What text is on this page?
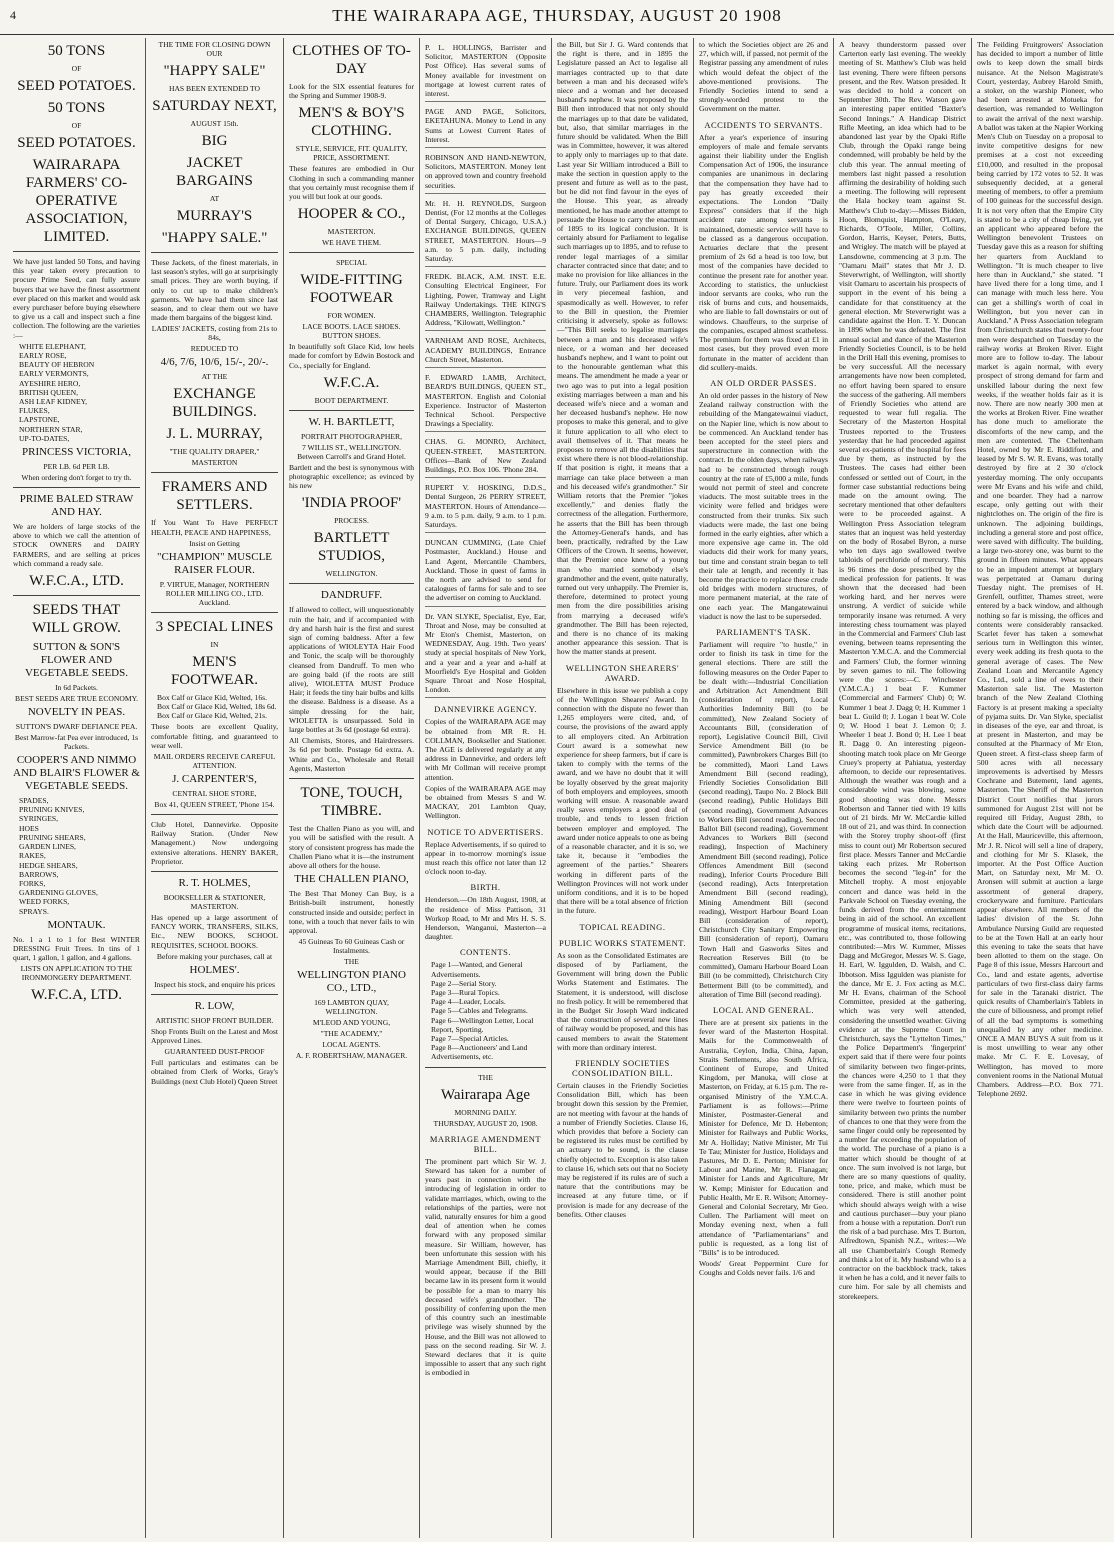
4	THE WAIRARAPA AGE, THURSDAY, AUGUST 20 1908
50 TONS
OF
SEED POTATOES.
50 TONS
OF
SEED POTATOES.
WAIRARAPA FARMERS' CO-OPERATIVE ASSOCIATION, LIMITED.
We have just landed 50 Tons, and having this year taken every precaution to procure Prime Seed, can fully assure buyers that we have the finest assortment ever placed on this market and would ask every purchaser before buying elsewhere to give us a call and inspect such a fine collection. The following are the varieties :—
WHITE ELEPHANT,
EARLY ROSE,
BEAUTY OF HEBRON
EARLY VERMONTS,
AYESHIRE HERO,
BRITISH QUEEN,
ASH LEAF KIDNEY,
FLUKES,
LAPSTONE,
NORTHERN STAR,
UP-TO-DATES,
PRINCESS VICTORIA,
PER LB. 6d PER LB.
When ordering don't forget to try th.
PRIME BALED STRAW AND HAY.
We are holders of large stocks of the above to which we call the attention of STOCK OWNERS and DAIRY FARMERS, and are selling at prices which command a ready sale.
W.F.C.A., LTD.
SEEDS THAT WILL GROW.
SUTTON & SON'S FLOWER AND VEGETABLE SEEDS.
In 6d Packets.
BEST SEEDS ARE TRUE ECONOMY.
NOVELTY IN PEAS.
SUTTON'S DWARF DEFIANCE PEA.
Best Marrow-fat Pea ever introduced, 1s Packets.
COOPER'S AND NIMMO AND BLAIR'S FLOWER & VEGETABLE SEEDS.
SPADES,
PRUNING KNIVES,
SYRINGES,
HOES
PRUNING SHEARS,
GARDEN LINES,
RAKES,
HEDGE SHEARS,
BARROWS,
FORKS,
GARDENING GLOVES,
WEED FORKS,
SPRAYS.
MONTAUK.
No. 1 a 1 to 1 for Best WINTER DRESSING Fruit Trees. In tins of 1 quart, 1 gallon, 1 gallon, and 4 gallons.
LISTS ON APPLICATION TO THE IRONMONGERY DEPARTMENT.
W.F.C.A, LTD.
THE TIME FOR CLOSING DOWN OUR
"HAPPY SALE"
HAS BEEN EXTENDED TO
SATURDAY NEXT,
AUGUST 15th.
BIG
JACKET BARGAINS
AT
MURRAY'S
"HAPPY SALE."
These Jackets, of the finest materials, in last season's styles, will go at surprisingly small prices. They are worth buying, if only to cut up to make children's garments. We have had them since last season, and to clear them out we have made them bargains of the biggest kind.
LADIES' JACKETS, costing from 21s to 84s,
REDUCED TO
4/6, 7/6, 10/6, 15/-, 20/-.
AT THE
EXCHANGE BUILDINGS.
J. L. MURRAY,
"THE QUALITY DRAPER,"
MASTERTON
FRAMERS AND SETTLERS.
If You Want To Have PERFECT HEALTH, PEACE AND HAPPINESS,
Insist on Getting
"CHAMPION" MUSCLE RAISER FLOUR.
P. VIRTUE, Manager, NORTHERN ROLLER MILLING CO., LTD. Auckland.
3 SPECIAL LINES
IN
MEN'S FOOTWEAR.
Box Calf or Glace Kid, Welted, 16s.
Box Calf or Glace Kid, Welted, 18s 6d.
Box Calf or Glace Kid, Welted, 21s.
These boots are excellent Quality, comfortable fitting, and guaranteed to wear well.
MAIL ORDERS RECEIVE CAREFUL ATTENTION.
J. CARPENTER'S,
CENTRAL SHOE STORE,
Box 41, QUEEN STREET, 'Phone 154.
Club Hotel, Dannevirke. Opposite Railway Station. (Under New Management.) Now undergoing extensive alterations. HENRY BAKER, Proprietor.
R. T. HOLMES,
BOOKSELLER & STATIONER, MASTERTON.
Has opened up a large assortment of FANCY WORK, TRANSFERS, SILKS, Etc., NEW BOOKS, SCHOOL REQUISITES, SCHOOL BOOKS.
Before making your purchases, call at
HOLMES'.
Inspect his stock, and enquire his prices
R. LOW,
ARTISTIC SHOP FRONT BUILDER.
Shop Fronts Built on the Latest and Most Approved Lines.
GUARANTEED DUST-PROOF
Full particulars and estimates can be obtained from Clerk of Works, Gray's Buildings (next Club Hotel) Queen Street
CLOTHES OF TO-DAY
Look for the SIX essential features for the Spring and Summer 1908-9.
MEN'S & BOY'S CLOTHING.
STYLE, SERVICE, FIT. QUALITY, PRICE, ASSORTMENT.
These features are embodied in Our Clothing in such a commanding manner that you certainly must recognise them if you will but look at our goods.
HOOPER & CO.,
MASTERTON.
WE HAVE THEM.
SPECIAL
WIDE-FITTING FOOTWEAR
FOR WOMEN.
LACE BOOTS. LACE SHOES. BUTTON SHOES.
In beautifully soft Glace Kid, low heels made for comfort by Edwin Bostock and Co., specially for England.
W.F.C.A.
BOOT DEPARTMENT.
W. H. BARTLETT,
PORTRAIT PHOTOGRAPHER,
7 WILLIS ST., WELLINGTON. Between Carroll's and Grand Hotel.
Bartlett and the best is synonymous with photographic excellence; as evinced by his new
'INDIA PROOF'
PROCESS.
BARTLETT STUDIOS,
WELLINGTON.
DANDRUFF.
If allowed to collect, will unquestionably ruin the hair, and if accompanied with dry and harsh hair is the first and surest sign of coming baldness. After a few applications of WIOLEYTA Hair Food and Tonic, the scalp will be thoroughly cleansed from Dandruff. To men who are going bald (if the roots are still alive), WIOLETTA MUST Produce Hair; it feeds the tiny hair bulbs and kills the disease. Baldness is a disease. As a simple dressing for the hair, WIOLETTA is unsurpassed. Sold in large bottles at 3s 6d (postage 6d extra).
All Chemists, Stores, and Hairdressers. 3s 6d per bottle. Postage 6d extra. A. White and Co., Wholesale and Retail Agents, Masterton
TONE, TOUCH, TIMBRE.
Test the Challen Piano as you will, and you will be satisfied with the result. A story of consistent progress has made the Challen Piano what it is—the instrument above all others for the house.
THE CHALLEN PIANO,
The Best That Money Can Buy, is a British-built instrument, honestly constructed inside and outside; perfect in tone, with a touch that never fails to win approval.
45 Guineas To 60 Guineas Cash or Instalments.
THE
WELLINGTON PIANO CO., LTD.,
169 LAMBTON QUAY, WELLINGTON.
M'LEOD AND YOUNG,
"THE ACADEMY,"
LOCAL AGENTS.
A. F. ROBERTSHAW, MANAGER.
P. L. HOLLINGS, Barrister and Solicitor, MASTERTON (Opposite Post Office). Has several sums of Money available for investment on mortgage at lowest current rates of interest.
PAGE AND PAGE, Solicitors, EKETAHUNA. Money to Lend in any Sums at Lowest Current Rates of Interest.
ROBINSON AND HAND-NEWTON, Solicitors, MASTERTON. Money lent on approved town and country freehold securities.
Mr. H. H. REYNOLDS, Surgeon Dentist, (For 12 months at the Colleges of Dental Surgery, Chicago, U.S.A.) EXCHANGE BUILDINGS, QUEEN STREET, MASTERTON. Hours—9 a.m. to 5 p.m. daily, including Saturday.
FREDK. BLACK, A.M. INST. E.E. Consulting Electrical Engineer, For Lighting, Power, Tramway and Light Railway Undertakings. THE KING'S CHAMBERS, Wellington. Telegraphic Address, "Kilowatt, Wellington."
VARNHAM AND ROSE, Architects, ACADEMY BUILDINGS, Entrance Church Street, Masterton.
F. EDWARD LAMB, Architect, BEARD'S BUILDINGS, QUEEN ST., MASTERTON. English and Colonial Experience. Instructor of Masterton Technical School. Perspective Drawings a Speciality.
CHAS. G. MONRO, Architect, QUEEN-STREET, MASTERTON. Offices—Bank of New Zealand Buildings, P.O. Box 106. 'Phone 284.
RUPERT V. HOSKING, D.D.S., Dental Surgeon, 26 PERRY STREET, MASTERTON. Hours of Attendance—9 a.m. to 5 p.m. daily, 9 a.m. to 1 p.m. Saturdays.
DUNCAN CUMMING, (Late Chief Postmaster, Auckland.) House and Land Agent, Mercantile Chambers, Auckland. Those in quest of farms in the north are advised to send for catalogues of farms for sale and to see the advertiser on coming to Auckland.
Dr. VAN SLYKE, Specialist, Eye, Ear, Throat and Nose, may be consulted at Mr Eton's Chemist, Masterton, on WEDNESDAY, Aug. 19th. Two years' study at special hospitals of New York, and a year and a year and a-half at Moorfield's Eye Hospital and Golden Square Throat and Nose Hospital, London.
DANNEVIRKE AGENCY.
Copies of the WAIRARAPA AGE may be obtained from MR R. H. COLLMAN, Bookseller and Stationer. The AGE is delivered regularly at any address in Dannevirke, and orders left with Mr Collman will receive prompt attention.
Copies of the WAIRARAPA AGE may be obtained from Messrs S and W. MACKAY, 201 Lambton Quay, Wellington.
NOTICE TO ADVERTISERS.
Replace Advertisements, if so quired to appear in to-morrow morning's issue must reach this office not later than 12 o'clock noon to-day.
BIRTH.
Henderson.—On 18th August, 1908, at the residence of Miss Pattison, 31 Workop Road, to Mr and Mrs H. S. S. Henderson, Wanganui, Masterton—a daughter.
CONTENTS.
Page 1—Wanted, and General Advertisements.
Page 2—Serial Story.
Page 3—Rural Topics.
Page 4—Leader, Locals.
Page 5—Cables and Telegrams.
Page 6—Wellington Letter, Local Report, Sporting.
Page 7—Special Articles.
Page 8—Auctioneers' and Land Advertisements, etc.
THE
Wairarapa Age
MORNING DAILY.
THURSDAY, AUGUST 20, 1908.
MARRIAGE AMENDMENT BILL.
The prominent part which Sir W. J. Steward has taken for a number of years past in connection with the introducing of legislation in order to validate marriages, which, owing to the relationships of the parties, were not valid, naturally ensures for him a good deal of attention when he comes forward with any proposed similar measure. Sir William, however, has been unfortunate this session with his Marriage Amendment Bill, chiefly, it would appear, because if the Bill became law in its present form it would be possible for a man to marry his deceased wife's grandmother. The possibility of conferring upon the men of this country such an inestimable privilege was wisely shunned by the House, and the Bill was not allowed to pass on the second reading. Sir W. J. Steward declares that it is quite impossible to assert that any such right is embodied in
the Bill, but Sir J. G. Ward contends that the right is there, and in 1895 the Legislature passed an Act to legalise all marriages contracted up to that date between a man and his deceased wife's niece and a woman and her deceased husband's nephew. It was proposed by the Bill then introduced that not only should the marriages up to that date be validated, but, also, that similar marriages in the future should be validated. When the Bill was in Committee, however, it was altered to apply only to marriages up to that date. Last year Sir William introduced a Bill to make the section in question apply to the present and future as well as to the past, but he did not find favour in the eyes of the House. This year, as already mentioned, he has made another attempt to persuade the House to carry the enactment of 1895 to its logical conclusion. It is certainly absurd for Parliament to legalise such marriages up to 1895, and to refuse to render legal marriages of a similar character contracted since that date; and to make no provision for like alliances in the future. Truly, our Parliament does its work in very piecemeal fashion, and spasmodically as well. However, to refer to the Bill in question, the Premier criticising it adversely, spoke as follows:—"This Bill seeks to legalise marriages between a man and his deceased wife's niece, or a woman and her deceased husband's nephew, and I want to point out to the honourable gentleman what this means. The amendment he made a year or two ago was to put into a legal position existing marriages between a man and his deceased wife's niece and a woman and her deceased husband's nephew. He now proposes to make this general, and to give it future application to all who elect to avail themselves of it. That means he proposes to remove all the disabilities that exist where there is not blood-relationship. If that position is right, it means that a marriage can take place between a man and his deceased wife's grandmother." Sir William retorts that the Premier "jokes excellently," and denies flatly the correctness of the allegation. Furthermore, he asserts that the Bill has been through the Attorney-General's hands, and has been, practically, redrafted by the Law Officers of the Crown. It seems, however, that the Premier once knew of a young man who married somebody else's grandmother and the event, quite naturally, turned out very unhappily. The Premier is, therefore, determined to protect young men from the dire possibilities arising from marrying a deceased wife's grandmother. The Bill has been rejected, and there is no chance of its making another appearance this session. That is how the matter stands at present.
WELLINGTON SHEARERS' AWARD.
Elsewhere in this issue we publish a copy of the Wellington Shearers' Award. In connection with the dispute no fewer than 1,265 employers were cited, and, of course, the provisions of the award apply to all employers cited. An Arbitration Court award is a somewhat new experience for sheep farmers, but if care is taken to comply with the terms of the award, and we have no doubt that it will be loyally observed by the great majority of both employers and employees, smooth working will ensue. A reasonable award really saves employers a good deal of trouble, and tends to lessen friction between employer and employed. The award under notice appeals to one as being of a reasonable character, and it is so, we take it, because it "embodies the agreement of the parties." Shearers working in different parts of the Wellington Provinces will not work under uniform conditions, and it is to be hoped that there will be a total absence of friction in the future.
TOPICAL READING.
PUBLIC WORKS STATEMENT.
As soon as the Consolidated Estimates are disposed of by Parliament, the Government will bring down the Public Works Statement and Estimates. The Statement, it is understood, will disclose no fresh policy. It will be remembered that in the Budget Sir Joseph Ward indicated that the construction of several new lines of railway would be proposed, and this has caused members to await the Statement with more than ordinary interest.
FRIENDLY SOCIETIES CONSOLIDATION BILL.
Certain clauses in the Friendly Societies Consolidation Bill, which has been brought down this session by the Premier, are not meeting with favour at the hands of a number of Friendly Societies. Clause 16, which provides that before a Society can be registered its rules must be certified by an actuary to be sound, is the clause chiefly objected to. Exception is also taken to clause 16, which sets out that no Society may be registered if its rules are of such a nature that the contributions may be increased at any future time, or if provision is made for any decrease of the benefits. Other clauses
to which the Societies object are 26 and 27, which will, if passed, not permit of the Registrar passing any amendment of rules which would defeat the object of the above-mentioned provisions. The Friendly Societies intend to send a strongly-worded protest to the Government on the matter.
ACCIDENTS TO SERVANTS.
After a year's experience of insuring employers of male and female servants against their liability under the English Compensation Act of 1906, the insurance companies are unanimous in declaring that the compensation they have had to pay has greatly exceeded their expectations. The London "Daily Express" considers that if the high accident rate among servants is maintained, domestic service will have to be classed as a dangerous occupation. Actuaries declare that the present premium of 2s 6d a head is too low, but most of the companies have decided to continue the present rate for another year. According to statistics, the unluckiest indoor servants are cooks, who run the risk of burns and cuts, and housemaids, who are liable to fall downstairs or out of windows. Chauffeurs, to the surprise of the companies, escaped almost scatheless. The premium for them was fixed at £1 in most cases, but they proved even more fortunate in the matter of accident than did scullery-maids.
AN OLD ORDER PASSES.
An old order passes in the history of New Zealand railway construction with the rebuilding of the Mangatewainui viaduct, on the Napier line, which is now about to be commenced. An Auckland tender has been accepted for the steel piers and superstructure in connection with the contract. In the olden days, when railways had to be constructed through rough country at the rate of £5,000 a mile, funds would not permit of steel and concrete viaducts. The most suitable trees in the vicinity were felled and bridges were constructed from their trunks. Six such viaducts were made, the last one being formed in the early eighties, after which a more expensive age came in. The old viaducts did their work for many years, but time and constant strain began to tell their tale at length, and recently it has become the practice to replace these crude old bridges with modern structures, of more permanent material, at the rate of one each year. The Mangatewainui viaduct is now the last to be superseded.
PARLIAMENT'S TASK.
Parliament will require "to hustle," in order to finish its task in time for the general elections. There are still the following measures on the Order Paper to be dealt with:—Industrial Conciliation and Arbitration Act Amendment Bill (consideration of report), Local Authorities Indemnity Bill (to be committed), New Zealand Society of Accountants Bill, (consideration of report), Legislative Council Bill, Civil Service Amendment Bill (to be committed), Pawnbrokers Charges Bill (to be committed), Maori Land Laws Amendment Bill (second reading), Friendly Societies Consolidation Bill (second reading), Taupo No. 2 Block Bill (second reading), Public Holidays Bill (second reading), Government Advances to Workers Bill (second reading), Second Ballot Bill (second reading), Government Advances to Workers Bill (second reading), Inspection of Machinery Amendment Bill (second reading), Police Offences Amendment Bill (second reading), Inferior Courts Procedure Bill (second reading), Acts Interpretation Amendment Bill (second reading), Mining Amendment Bill (second reading), Westport Harbour Board Loan Bill (consideration of report), Christchurch City Sanitary Empowering Bill (consideration of report), Oamaru Town Hall and Gasworks Sites and Recreation Reserves Bill (to be committed), Oamaru Harbour Board Loan Bill (to be committed), Christchurch City Betterment Bill (to be committed), and alteration of Time Bill (second reading).
LOCAL AND GENERAL.
There are at present six patients in the fever ward of the Masterton Hospital. Mails for the Commonwealth of Australia, Ceylon, India, China, Japan, Straits Settlements, also South Africa, Continent of Europe, and United Kingdom, per Manuka, will close at Masterton, on Friday, at 6.15 p.m. The re-organised Ministry of the Y.M.C.A. Parliament is as follows:—Prime Minister, Postmaster-General and Minister for Defence, Mr D. Hebenton; Minister for Railways and Public Works, Mr A. Holliday; Native Minister, Mr Tui Te Tau; Minister for Justice, Holidays and Pastures, Mr D. E. Perton; Minister for Labour and Marine, Mr R. Flanagan; Minister for Lands and Agriculture, Mr W. Kemp; Minister for Education and Public Health, Mr E. R. Wilson; Attorney-General and Colonial Secretary, Mr Geo. Cullen. The Parliament will meet on Monday evening next, when a full attendance of "Parliamentarians" and public is requested, as a long list of "Bills" is to be introduced.
Woods' Great Peppermint Cure for Coughs and Colds never fails. 1/6 and
A heavy thunderstorm passed over Carterton early last evening. The weekly meeting of St. Matthew's Club was held last evening. There were fifteen persons present, and the Rev. Watson presided. It was decided to hold a concert on September 30th. The Rev. Watson gave an interesting paper entitled "Baxter's Second Innings." A Handicap District Rifle Meeting, an idea which had to be abandoned last year by the Opaki Rifle Club, through the Opaki range being condemned, will probably be held by the club this year. The annual meeting of members last night passed a resolution affirming the desirability of holding such a meeting. The following will represent the Hala hockey team against St. Matthew's Club to-day:—Misses Bidden, Hoon, Blomquist, Hampton, O'Leary, Richards, O'Toole, Miller, Collins, Gordon, Harris, Keyser, Peters, Butts, and Wrigley. The match will be played at Lansdowne, commencing at 3 p.m. The "Oamaru Mail" states that Mr J. D. Steverwright, of Wellington, will shortly visit Oamaru to ascertain his prospects of support in the event of his being a candidate for that constituency at the general election. Mr Steverwright was a candidate against the Hon. T. Y. Duncan in 1896 when he was defeated. The first annual social and dance of the Masterton Friendly Societies Council, is to be held in the Drill Hall this evening, promises to be very successful. All the necessary arrangements have now been completed, no effort having been spared to ensure the success of the gathering. All members of Friendly Societies who attend are requested to wear full regalia. The Secretary of the Masterton Hospital Trustees reported to the Trustees yesterday that he had proceeded against several ex-patients of the hospital for fees due by them, as instructed by the Trustees. The cases had either been confessed or settled out of Court, in the former case substantial reductions being made on the amount owing. The secretary mentioned that other defaulters were to be proceeded against. A Wellington Press Association telegram states that an inquest was held yesterday on the body of Rosabel Byron, a nurse who ten days ago swallowed twelve tabloids of perchloride of mercury. This is 96 times the dose prescribed by the medical profession for patients. It was shown that the deceased had been working hard, and her nerves were unstrung. A verdict of suicide while temporarily insane was returned. A very interesting chess tournament was played in the Commercial and Farmers' Club last evening, between teams representing the Masterton Y.M.C.A. and the Commercial and Farmers' Club, the former winning by seven games to nil. The following were the scores:—C. Winchester (Y.M.C.A.) 1 beat F. Kummer (Commercial and Farmers' Club) 0; W. Kummer 1 beat J. Dagg 0; H. Kummer 1 beat L. Guild 0; J. Logan 1 beat W. Cole 0; W. Hood 1 beat J. Lemon 0; J. Wheeler 1 beat J. Bond 0; H. Lee 1 beat R. Dagg 0. An interesting pigeon-shooting match took place on Mr George Cruey's property at Pahiatua, yesterday afternoon, to decide our representatives. Although the weather was rough and a considerable wind was blowing, some good shooting was done. Messrs Robertson and Tanner tied with 19 kills out of 21 birds. Mr W. McCardie killed 18 out of 21, and was third. In connection with the Storey trophy shoot-off (first miss to count out) Mr Robertson secured first place. Messrs Tanner and McCardie taking each prizes. Mr Robertson becomes the second "leg-in" for the Mitchell trophy. A most enjoyable concert and dance was held in the Parkvale School on Tuesday evening, the funds derived from the entertainment being in aid of the school. An excellent programme of musical items, recitations, etc., was contributed to, those following contributed:—Mrs W. Kummer, Misses Dagg and McGregor, Messrs W. S. Gage, H. Earl, W. Iggulden, D. Walsh, and C. Ibbotson. Miss Iggulden was pianiste for the dance, Mr E. J. Fox acting as M.C. Mr H. Evans, chairman of the School Committee, presided at the gathering, which was very well attended, considering the unsettled weather. Giving evidence at the Supreme Court in Christchurch, says the "Lyttelton Times," the Police Department's 'fingerprint' expert said that if there were four points of similarity between two finger-prints, the chances were 4,250 to 1 that they were from the same finger. If, as in the case in which he was giving evidence there were twelve to fourteen points of similarity between two prints the number of chances to one that they were from the same finger could only be represented by a number far exceeding the population of the world. The purchase of a piano is a matter which should be thought of at once. The sum involved is not large, but there are so many questions of quality, tone, price, and make, which must be considered. There is still another point which should always weigh with a wise and cautious purchaser—buy your piano from a house with a reputation. Don't run the risk of a bad purchase. Mrs T. Burton, Alfredtown, Spanish N.Z., writes:—We all use Chamberlain's Cough Remedy and think a lot of it. My husband who is a contractor on the backblock track, takes it when he has a cold, and it never fails to cure him. For sale by all chemists and storekeepers.
The Feilding Fruitgrowers' Association has decided to import a number of little owls to keep down the small birds nuisance. At the Nelson Magistrate's Court, yesterday, Aubrey Harold Smith, a stoker, on the warship Pioneer, who had been arrested at Motueka for desertion, was remanded to Wellington to await the arrival of the next warship. A ballot was taken at the Napier Working Men's Club on Tuesday on a proposal to invite competitive designs for new premises at a cost not exceeding £10,000, and resulted in the proposal being carried by 172 votes to 52. It was subsequently decided, at a general meeting of members, to offer a premium of 100 guineas for the successful design. It is not very often that the Empire City is stated to be a city of cheap living, yet an applicant who appeared before the Wellington benevolent Trustees on Tuesday gave this as a reason for shifting her quarters from Auckland to Wellington. "It is much cheaper to live here than in Auckland," she stated. "I have lived there for a long time, and I can manage with much less here. You can get a shilling's worth of coal in Wellington, but you never can in Auckland." A Press Association telegram from Christchurch states that twenty-four men were despatched on Tuesday to the railway works at Broken River. Eight more are to follow to-day. The labour market is again normal, with every prospect of strong demand for farm and unskilled labour during the next few weeks, if the weather holds fair as it is now. There are now nearly 300 men at the works at Broken River. Fine weather has done much to ameliorate the discomforts of the new camp, and the men are contented. The Cheltenham Hotel, owned by Mr E. Riddiford, and leased by Mr S. W. R. Evans, was totally destroyed by fire at 2 30 o'clock yesterday morning. The only occupants were Mr Evans and his wife and child, and one boarder. They had a narrow escape, only getting out with their nightclothes on. The origin of the fire is unknown. The adjoining buildings, including a general store and post office, were saved with difficulty. The building, a large two-storey one, was burnt to the ground in fifteen minutes. What appears to be an impudent attempt at burglary was perpetrated at Oamaru during Tuesday night. The premises of H. Grenfell, outfitter, Thames street, were entered by a back window, and although nothing so far is missing, the offices and contents were considerably ransacked. Scarlet fever has taken a somewhat serious turn in Wellington this winter, every week adding its fresh quota to the general average of cases. The New Zealand Loan and Mercantile Agency Co., Ltd., sold a line of ewes to their Masterton sale list. The Masterton branch of the New Zealand Clothing Factory is at present making a specialty of pyjama suits. Dr. Van Slyke, specialist in diseases of the eye, ear and throat, is at present in Masterton, and may be consulted at the Pharmacy of Mr Eton, Queen street. A first-class sheep farm of 500 acres with all necessary improvements is advertised by Messrs Cochrane and Butement, land agents, Masterton. The Sheriff of the Masterton District Court notifies that jurors summoned for August 21st will not be required till Friday, August 28th, to which date the Court will be adjourned. At the Hall, Mauriceville, this afternoon, Mr J. R. Nicol will sell a line of drapery, and clothing for Mr S. Klasek, the importer. At the Post Office Auction Mart, on Saturday next, Mr M. O. Aronsen will submit at auction a large assortment of general drapery, crockeryware and furniture. Particulars appear elsewhere. All members of the ladies' division of the St. John Ambulance Nursing Guild are requested to be at the Town Hall at an early hour this evening to take the seats that have been allotted to them on the stage. On Page 8 of this issue, Messrs Harcourt and Co., land and estate agents, advertise particulars of two first-class dairy farms for sale in the Taranaki district. The quick results of Chamberlain's Tablets in the cure of biliousness, and prompt relief of all the bad symptoms is something unequalled by any other medicine. ONCE A MAN BUYS A suit from us it is most unwilling to wear any other make. Mr C. F. E. Lovesay, of Wellington, has moved to more convenient rooms in the National Mutual Chambers. Address—P.O. Box 771. Telephone 2692.
